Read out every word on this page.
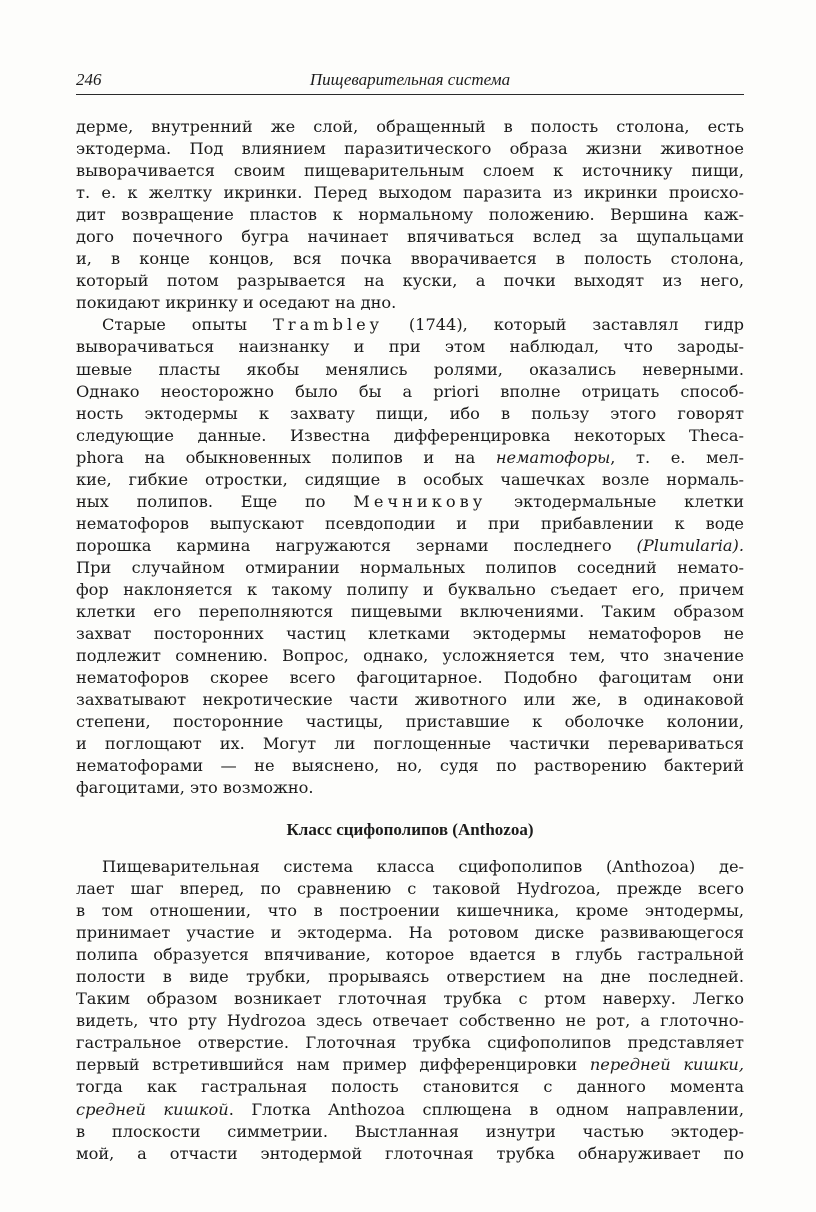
246	Пищеварительная система

дерме, внутренний же слой, обращенный в полость столона, есть
эктодерма. Под влиянием паразитического образа жизни животное
выворачивается своим пищеварительным слоем к источнику пищи,
т. е. к желтку икринки. Перед выходом паразита из икринки происхо-
дит возвращение пластов к нормальному положению. Вершина каж-
дого почечного бугра начинает впячиваться вслед за щупальцами
и, в конце концов, вся почка вворачивается в полость столона,
который потом разрывается на куски, а почки выходят из него,
покидают икринку и оседают на дно.

Старые опыты Trambley (1744), который заставлял гидр
выворачиваться наизнанку и при этом наблюдал, что зароды-
шевые пласты якобы менялись ролями, оказались неверными.
Однако неосторожно было бы a priori вполне отрицать способ-
ность эктодермы к захвату пищи, ибо в пользу этого говорят
следующие данные. Известна дифференцировка некоторых Theca-
phora на обыкновенных полипов и на нематофоры, т. е. мел-
кие, гибкие отростки, сидящие в особых чашечках возле нормаль-
ных полипов. Еще по Мечникову эктодермальные клетки
нематофоров выпускают псевдоподии и при прибавлении к воде
порошка кармина нагружаются зернами последнего (Plumularia).
При случайном отмирании нормальных полипов соседний немато-
фор наклоняется к такому полипу и буквально съедает его, причем
клетки его переполняются пищевыми включениями. Таким образом
захват посторонних частиц клетками эктодермы нематофоров не
подлежит сомнению. Вопрос, однако, усложняется тем, что значение
нематофоров скорее всего фагоцитарное. Подобно фагоцитам они
захватывают некротические части животного или же, в одинаковой
степени, посторонние частицы, приставшие к оболочке колонии,
и поглощают их. Могут ли поглощенные частички перевариваться
нематофорами — не выяснено, но, судя по растворению бактерий
фагоцитами, это возможно.

Класс сцифополипов (Anthozoa)

Пищеварительная система класса сцифополипов (Anthozoa) де-
лает шаг вперед, по сравнению с таковой Hydrozoa, прежде всего
в том отношении, что в построении кишечника, кроме энтодермы,
принимает участие и эктодерма. На ротовом диске развивающегося
полипа образуется впячивание, которое вдается в глубь гастральной
полости в виде трубки, прорываясь отверстием на дне последней.
Таким образом возникает глоточная трубка с ртом наверху. Легко
видеть, что рту Hydrozoa здесь отвечает собственно не рот, а глоточно-
гастральное отверстие. Глоточная трубка сцифополипов представляет
первый встретившийся нам пример дифференцировки передней кишки,
тогда как гастральная полость становится с данного момента
средней кишкой. Глотка Anthozoa сплющена в одном направлении,
в плоскости симметрии. Выстланная изнутри частью эктодер-
мой, а отчасти энтодермой глоточная трубка обнаруживает по
